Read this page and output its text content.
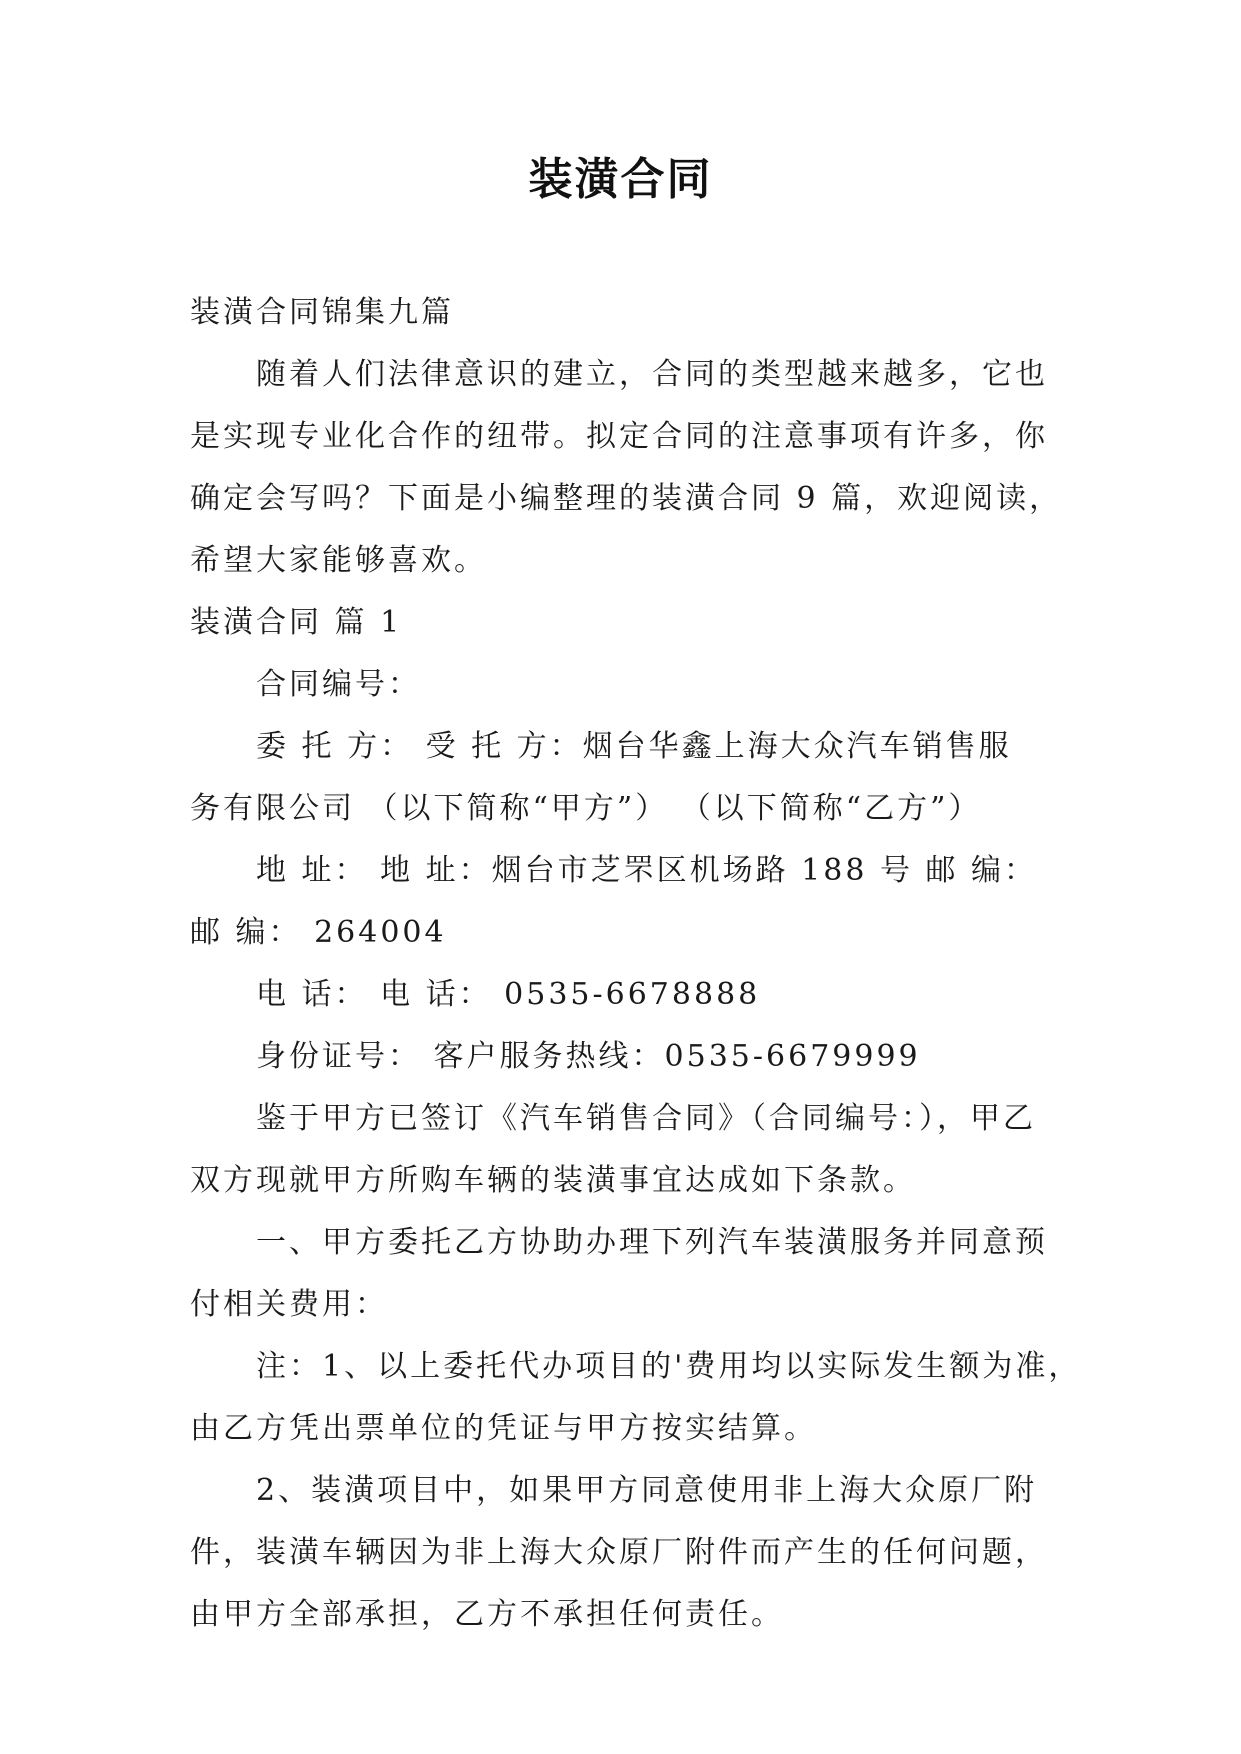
装潢合同
装潢合同锦集九篇
随着人们法律意识的建立，合同的类型越来越多，它也
是实现专业化合作的纽带。拟定合同的注意事项有许多，你
确定会写吗？下面是小编整理的装潢合同 9 篇，欢迎阅读，
希望大家能够喜欢。
装潢合同 篇 1
合同编号：
委 托 方： 受 托 方：烟台华鑫上海大众汽车销售服
务有限公司 （以下简称“甲方”） （以下简称“乙方”）
地 址： 地 址：烟台市芝罘区机场路 188 号 邮 编：
邮 编： 264004
电 话： 电 话： 0535-6678888
身份证号： 客户服务热线：0535-6679999
鉴于甲方已签订《汽车销售合同》（合同编号：），甲乙
双方现就甲方所购车辆的装潢事宜达成如下条款。
一、甲方委托乙方协助办理下列汽车装潢服务并同意预
付相关费用：
注：1、以上委托代办项目的'费用均以实际发生额为准，
由乙方凭出票单位的凭证与甲方按实结算。
2、装潢项目中，如果甲方同意使用非上海大众原厂附
件，装潢车辆因为非上海大众原厂附件而产生的任何问题，
由甲方全部承担，乙方不承担任何责任。
